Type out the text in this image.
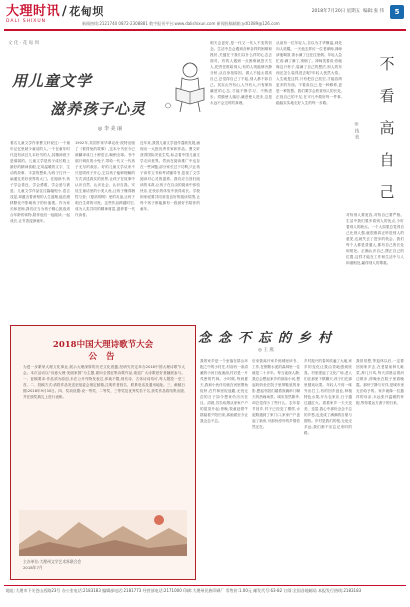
大理时讯 / 花甸坝
DALI SHIXUN	新闻热线:2121740 0872-2308881 数字报刊平台:www.dalishixun.com 新闻投稿邮箱:ydl1089@126.com
2018年7月20日 星期五 编辑:张 伟	5
文 化 · 花 甸 坝
用儿童文学
滋养孩子心灵
◎ 李 美 丽
著名儿童文学作家曹文轩说过:一个童年记忆里缺少童话的人,一个在童年时代没有读过几本好书的人,其精神底子是薄弱的。儿童文学是孩子成长路上最好的精神食粮,它用温暖的文字、生动的故事、丰富的想象,为孩子打开一扇通往美好世界的大门。在阅读中,孩子学会善良、学会勇敢、学会爱与被爱。儿童文学作品往往篇幅短小,语言浅显,却蕴含着深刻的人生道理,能在潜移默化中影响孩子的价值观。作为家长和老师,我们应当为孩子精心挑选适合年龄的读物,陪伴他们一起阅读,一起成长,让书香浸润童年。
1902年,英国作家毕翠克丝·波特出版了《彼得兔的故事》,这本小书至今已被翻译成几十种语言,畅销全球。书中那只调皮的小兔子,带给一代又一代孩子无尽的欢乐。好的儿童文学从来不只是哄孩子开心,它以孩子能够理解的方式讲述真实的世界,让孩子在故事中认识自然、认识社会、认识自我。安徒生童话里的小美人鱼,让孩子懂得牺牲与爱;《夏洛的网》里的友谊,让孩子明白生命的可贵。这些作品跨越时空,成为人类共同的精神财富,滋养着一代代读者。
近年来,我国儿童文学创作蓬勃发展,涌现出一大批优秀作家和作品。曹文轩获得国际安徒生奖,标志着中国儿童文学走向世界。然而在阅读推广中也存在一些问题,部分家长过于功利,只让孩子读作文书和考试辅导书,忽视了文学阅读对心灵的滋养。我们应当回归阅读的本真,让孩子在自由的阅读中体验快乐,在快乐的体验中获得成长。学校和家庭要共同营造良好的阅读氛围,让每个孩子都能拥有一段被好书陪伴的童年。
明天会更好,是一代又一代人不变的信念。生活中总会遇到各种各样的困难和挫折,关键在于我们以什么样的心态去面对。有的人遇到一点困难就怨天尤人,把责任推给别人;有的人则能够冷静分析,从自身找原因。做人不能太看高自己,总觉得自己了不起,别人都不如自己。其实山外有山,人外有人,只有保持谦虚的心态,才能不断学习、不断进步。骄傲使人落后,谦虚使人进步,这是永远不会过时的真理。
从前有一位年轻人,自以为才华横溢,到处向人炫耀。一天他去拜访一位老禅师,禅师请他喝茶,茶水满了还在往里倒。年轻人急忙说:满了满了,别倒了。禅师笑着说:你就像这只杯子,装满了自己的想法,别人的东西还怎么装得进去呢?年轻人恍然大悟。人生就是这样,只有把自己放空,才能容纳更多的东西。不看高自己,是一种修养,更是一种智慧。我们要学会欣赏别人的长处,正视自己的不足,在平凡中做好每一件事,踏踏实实地走好人生的每一步路。
不
看
高
自
己
◎ 钱 美
对待别人要宽容,对待自己要严格。生活中我们要多看别人的优点,少盯着别人的缺点。一个人如果总觉得自己比别人强,就很难真正听进别人的意见,也就失去了进步的机会。我们每个人都是普通人,都有自己的长处和短处。正确认识自己,摆正自己的位置,这样才能在工作和生活中与人和谐相处,赢得别人的尊重。
2018中国大理诗歌节大会
公 告
为进一步繁荣大理文化事业,展示大理深厚的历史文化底蕴,经研究决定举办2018中国大理诗歌节大会。本次活动以“诗意大理·美丽家园”为主题,面向全国征集诗歌作品,欢迎广大诗歌爱好者踊跃参与。一、征稿要求:作品须为原创,未在公开刊物发表过,体裁不限,现代诗、古体诗词均可,每人限投一至三首。二、投稿方式:请将作品发送至组委会指定邮箱,注明作者姓名、联系电话及通讯地址。三、截稿日期:2018年9月30日。四、奖项设置:设一等奖、二等奖、三等奖及优秀奖若干名,获奖作品将结集出版,并在颁奖典礼上进行表彰。
主办单位:大理州文学艺术界联合会
2018年7月
念念不忘的乡村
◎ 王 燕
我的家乡是一个坐落在群山环抱之中的小村庄,村前有一条清澈的小河日夜流淌,村后是一片茂密的竹林。小时候,每到夏天,我和小伙伴们就在河里摸鱼捉虾,在竹林里捉迷藏,无忧无虑的日子如今想来仍历历在目。清晨,袅袅炊烟从家家户户的屋顶升起;傍晚,牧童赶着牛群踏着夕阳归来,那画面至今让我念念不忘。
后来我离开家乡到城里读书、工作,在钢筋水泥的森林里一住就是二十多年。每当夜深人静,我总会想起家乡的那条小河,想起奶奶坐在院子里纳鞋底的身影,想起邻居们端着饭碗串门聊天的热闹场景。城市虽然繁华,却总觉得少了些什么。去年春节回乡,村子已经变了模样,水泥路通到了家门口,家家户户盖起了新房,可那份淳朴的乡情依然还在。
乡村振兴的春风吹遍了大地,家乡的变化让我由衷地感到欣喜。村里建起了文化广场,老人们在那里下棋聊天,孩子们在那里嬉戏玩耍。年轻人不再一味外出打工,有的回乡创业,种植特色水果,开办农家乐,日子越过越红火。看着家乡一天天变美、变富,我心中那份念念不忘的乡愁,也变成了满满的自豪与期待。乡村是我们的根,无论走多远,我们都不应忘记来时的路。
我常常想,等退休以后,一定要回到家乡去,在老屋前种几畦菜,养几只鸡,每天清晨沿着河边散步,傍晚坐在院子里看晚霞。那份宁静与安详,是城市里无法给予的。家乡就像一位慈祥的母亲,永远张开温暖的怀抱,等待着远方游子的归来。
地址:大理市下关苍山西路23号 办公室电话:2183183 编辑部电话:2181773 经营部电话:2171000 印刷:大理州民族印刷厂 零售价:1.00元 邮发代号:63-82 订阅:全国各地邮局 本报发行热线:2183183
